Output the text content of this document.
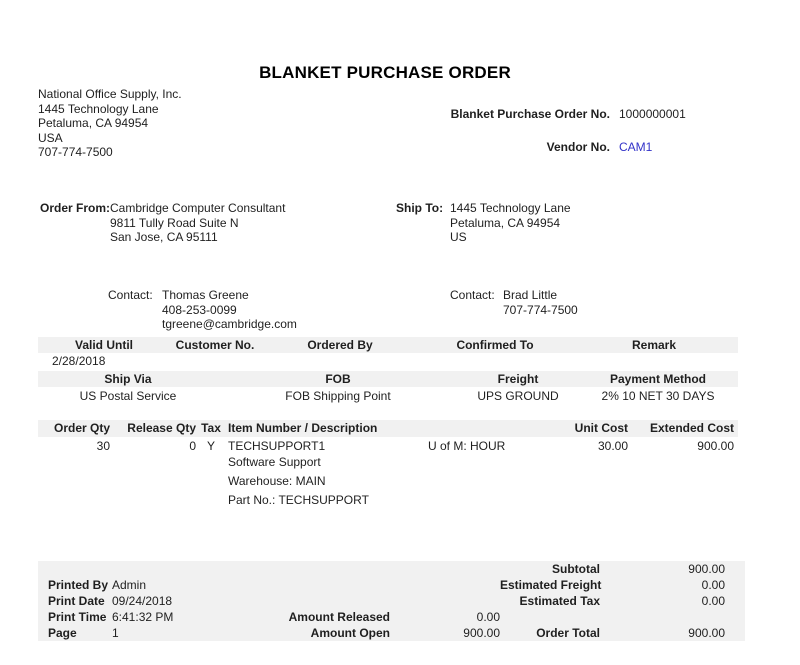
BLANKET PURCHASE ORDER
National Office Supply, Inc.
1445 Technology Lane
Petaluma, CA 94954
USA
707-774-7500
Blanket Purchase Order No. 1000000001
Vendor No. CAM1
Order From: Cambridge Computer Consultant
9811 Tully Road Suite N
San Jose, CA 95111
Ship To: 1445 Technology Lane
Petaluma, CA 94954
US
Contact: Thomas Greene
408-253-0099
tgreene@cambridge.com
Contact: Brad Little
707-774-7500
Valid Until	Customer No.	Ordered By	Confirmed To	Remark
2/28/2018
Ship Via	FOB	Freight	Payment Method
US Postal Service	FOB Shipping Point	UPS GROUND	2% 10 NET 30 DAYS
Order Qty	Release Qty Tax Item Number / Description	Unit Cost	Extended Cost
30	0 Y	TECHSUPPORT1	U of M: HOUR	30.00	900.00
Software Support
Warehouse: MAIN
Part No.: TECHSUPPORT
Subtotal	900.00
Printed By Admin	Estimated Freight	0.00
Print Date 09/24/2018	Estimated Tax	0.00
Print Time 6:41:32 PM	Amount Released	0.00
Page	1	Amount Open	900.00	Order Total	900.00
